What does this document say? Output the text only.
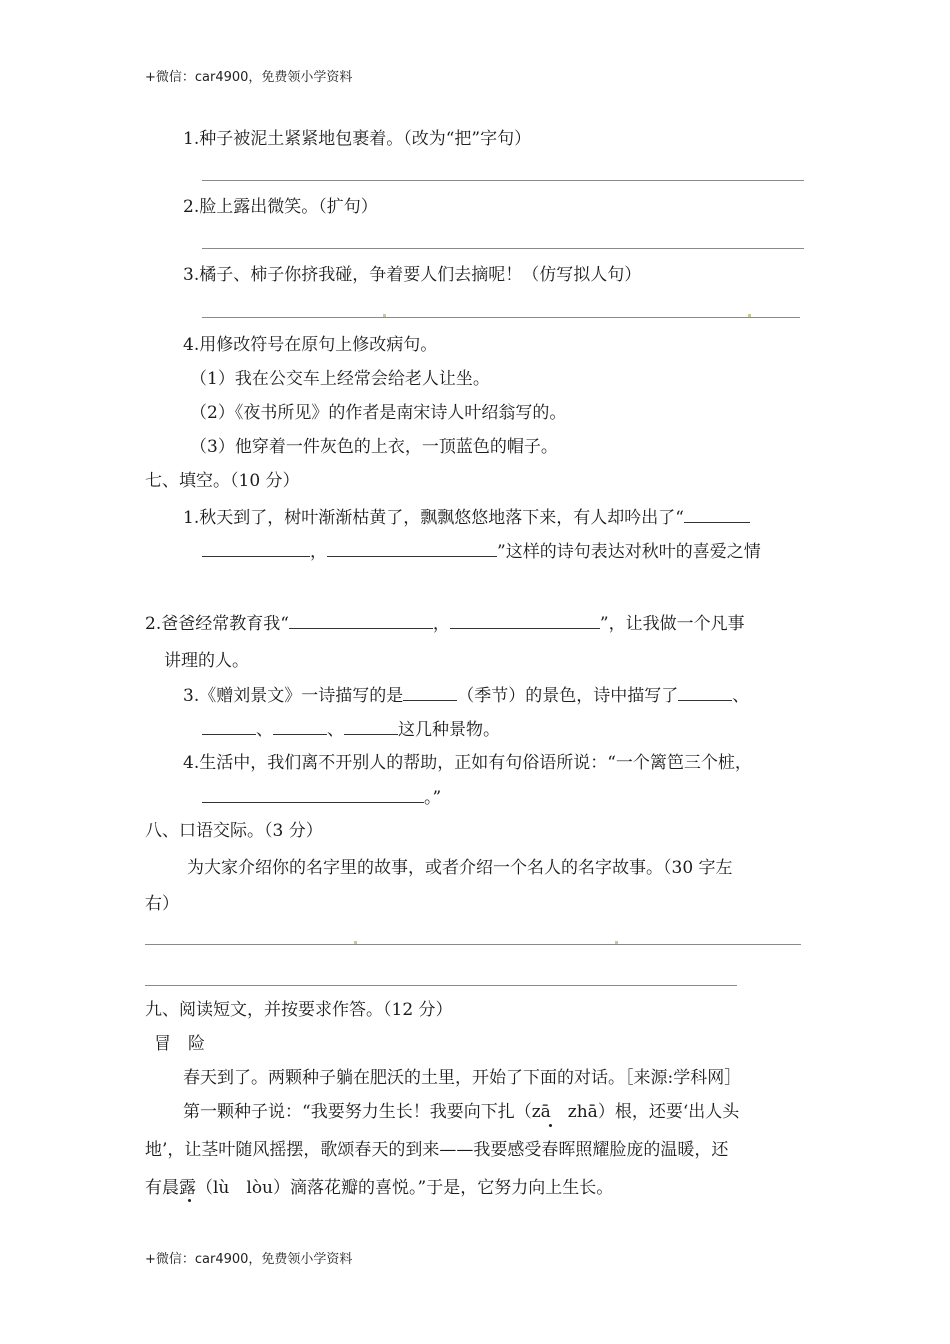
+微信：car4900，免费领小学资料
1.种子被泥土紧紧地包裹着。（改为“把”字句）
2.脸上露出微笑。（扩句）
3.橘子、柿子你挤我碰，争着要人们去摘呢！（仿写拟人句）
4.用修改符号在原句上修改病句。
（1）我在公交车上经常会给老人让坐。
（2）《夜书所见》的作者是南宋诗人叶绍翁写的。
（3）他穿着一件灰色的上衣，一顶蓝色的帽子。
七、填空。（10 分）
1.秋天到了，树叶渐渐枯黄了，飘飘悠悠地落下来，有人却吟出了“
，	”这样的诗句表达对秋叶的喜爱之情
2.爸爸经常教育我“	，	”，让我做一个凡事
讲理的人。
3.《赠刘景文》一诗描写的是	（季节）的景色，诗中描写了	、
、	、	这几种景物。
4.生活中，我们离不开别人的帮助，正如有句俗语所说：“一个篱笆三个桩，
。”
八、口语交际。（3 分）
为大家介绍你的名字里的故事，或者介绍一个名人的名字故事。（30 字左
右）
九、阅读短文，并按要求作答。（12 分）
冒　险
春天到了。两颗种子躺在肥沃的土里，开始了下面的对话。［来源:学科网］
第一颗种子说：“我要努力生长！我要向下扎（zā　zhā）根，还要‘出人头
地’，让茎叶随风摇摆，歌颂春天的到来——我要感受春晖照耀脸庞的温暖，还
有晨露（lù　lòu）滴落花瓣的喜悦。”于是，它努力向上生长。
+微信：car4900，免费领小学资料
